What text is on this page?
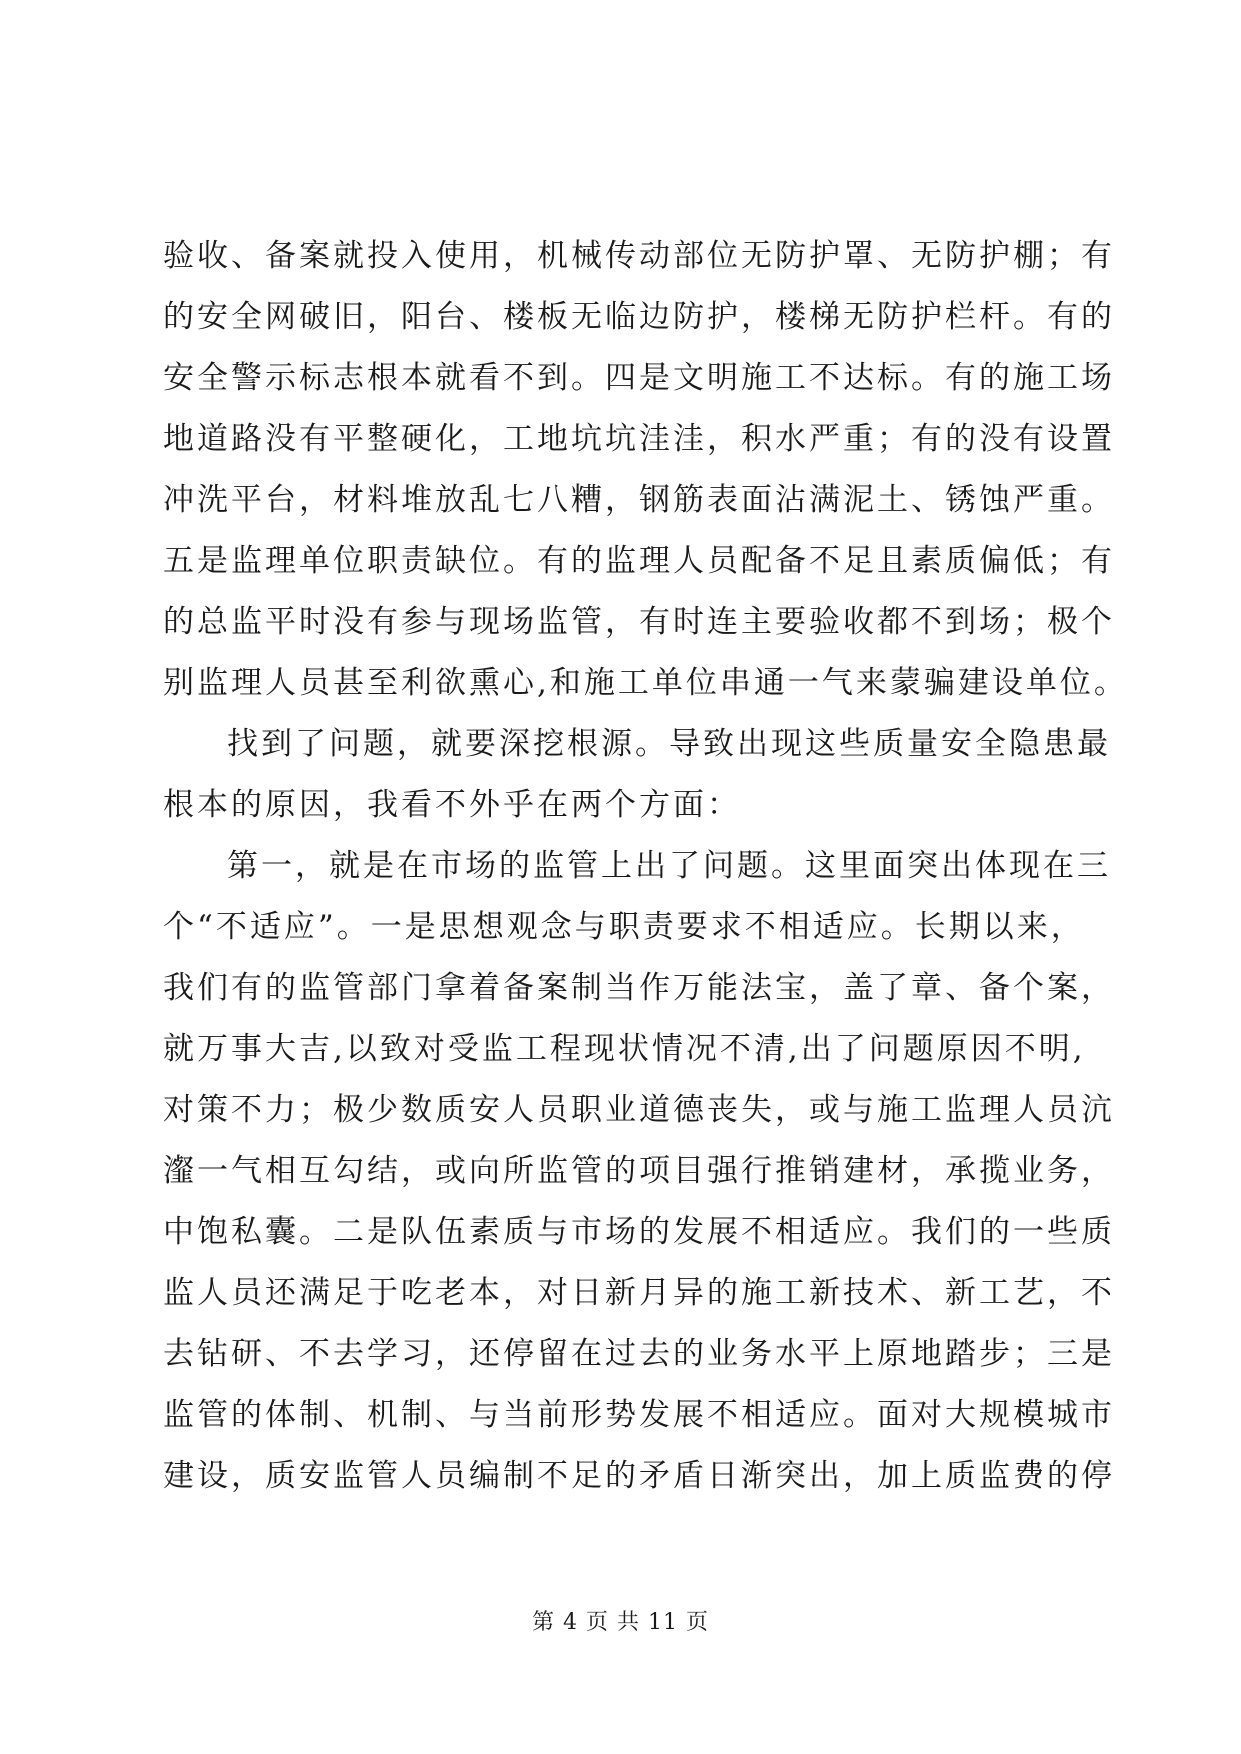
验收、备案就投入使用，机械传动部位无防护罩、无防护棚；有
的安全网破旧，阳台、楼板无临边防护，楼梯无防护栏杆。有的
安全警示标志根本就看不到。四是文明施工不达标。有的施工场
地道路没有平整硬化，工地坑坑洼洼，积水严重；有的没有设置
冲洗平台，材料堆放乱七八糟，钢筋表面沾满泥土、锈蚀严重。
五是监理单位职责缺位。有的监理人员配备不足且素质偏低；有
的总监平时没有参与现场监管，有时连主要验收都不到场；极个
别监理人员甚至利欲熏心,和施工单位串通一气来蒙骗建设单位。
找到了问题，就要深挖根源。导致出现这些质量安全隐患最
根本的原因，我看不外乎在两个方面：
第一，就是在市场的监管上出了问题。这里面突出体现在三
个“不适应”。一是思想观念与职责要求不相适应。长期以来，
我们有的监管部门拿着备案制当作万能法宝，盖了章、备个案，
就万事大吉,以致对受监工程现状情况不清,出了问题原因不明,
对策不力；极少数质安人员职业道德丧失，或与施工监理人员沆
瀣一气相互勾结，或向所监管的项目强行推销建材，承揽业务，
中饱私囊。二是队伍素质与市场的发展不相适应。我们的一些质
监人员还满足于吃老本，对日新月异的施工新技术、新工艺，不
去钻研、不去学习，还停留在过去的业务水平上原地踏步；三是
监管的体制、机制、与当前形势发展不相适应。面对大规模城市
建设，质安监管人员编制不足的矛盾日渐突出，加上质监费的停
第 4 页 共 11 页
